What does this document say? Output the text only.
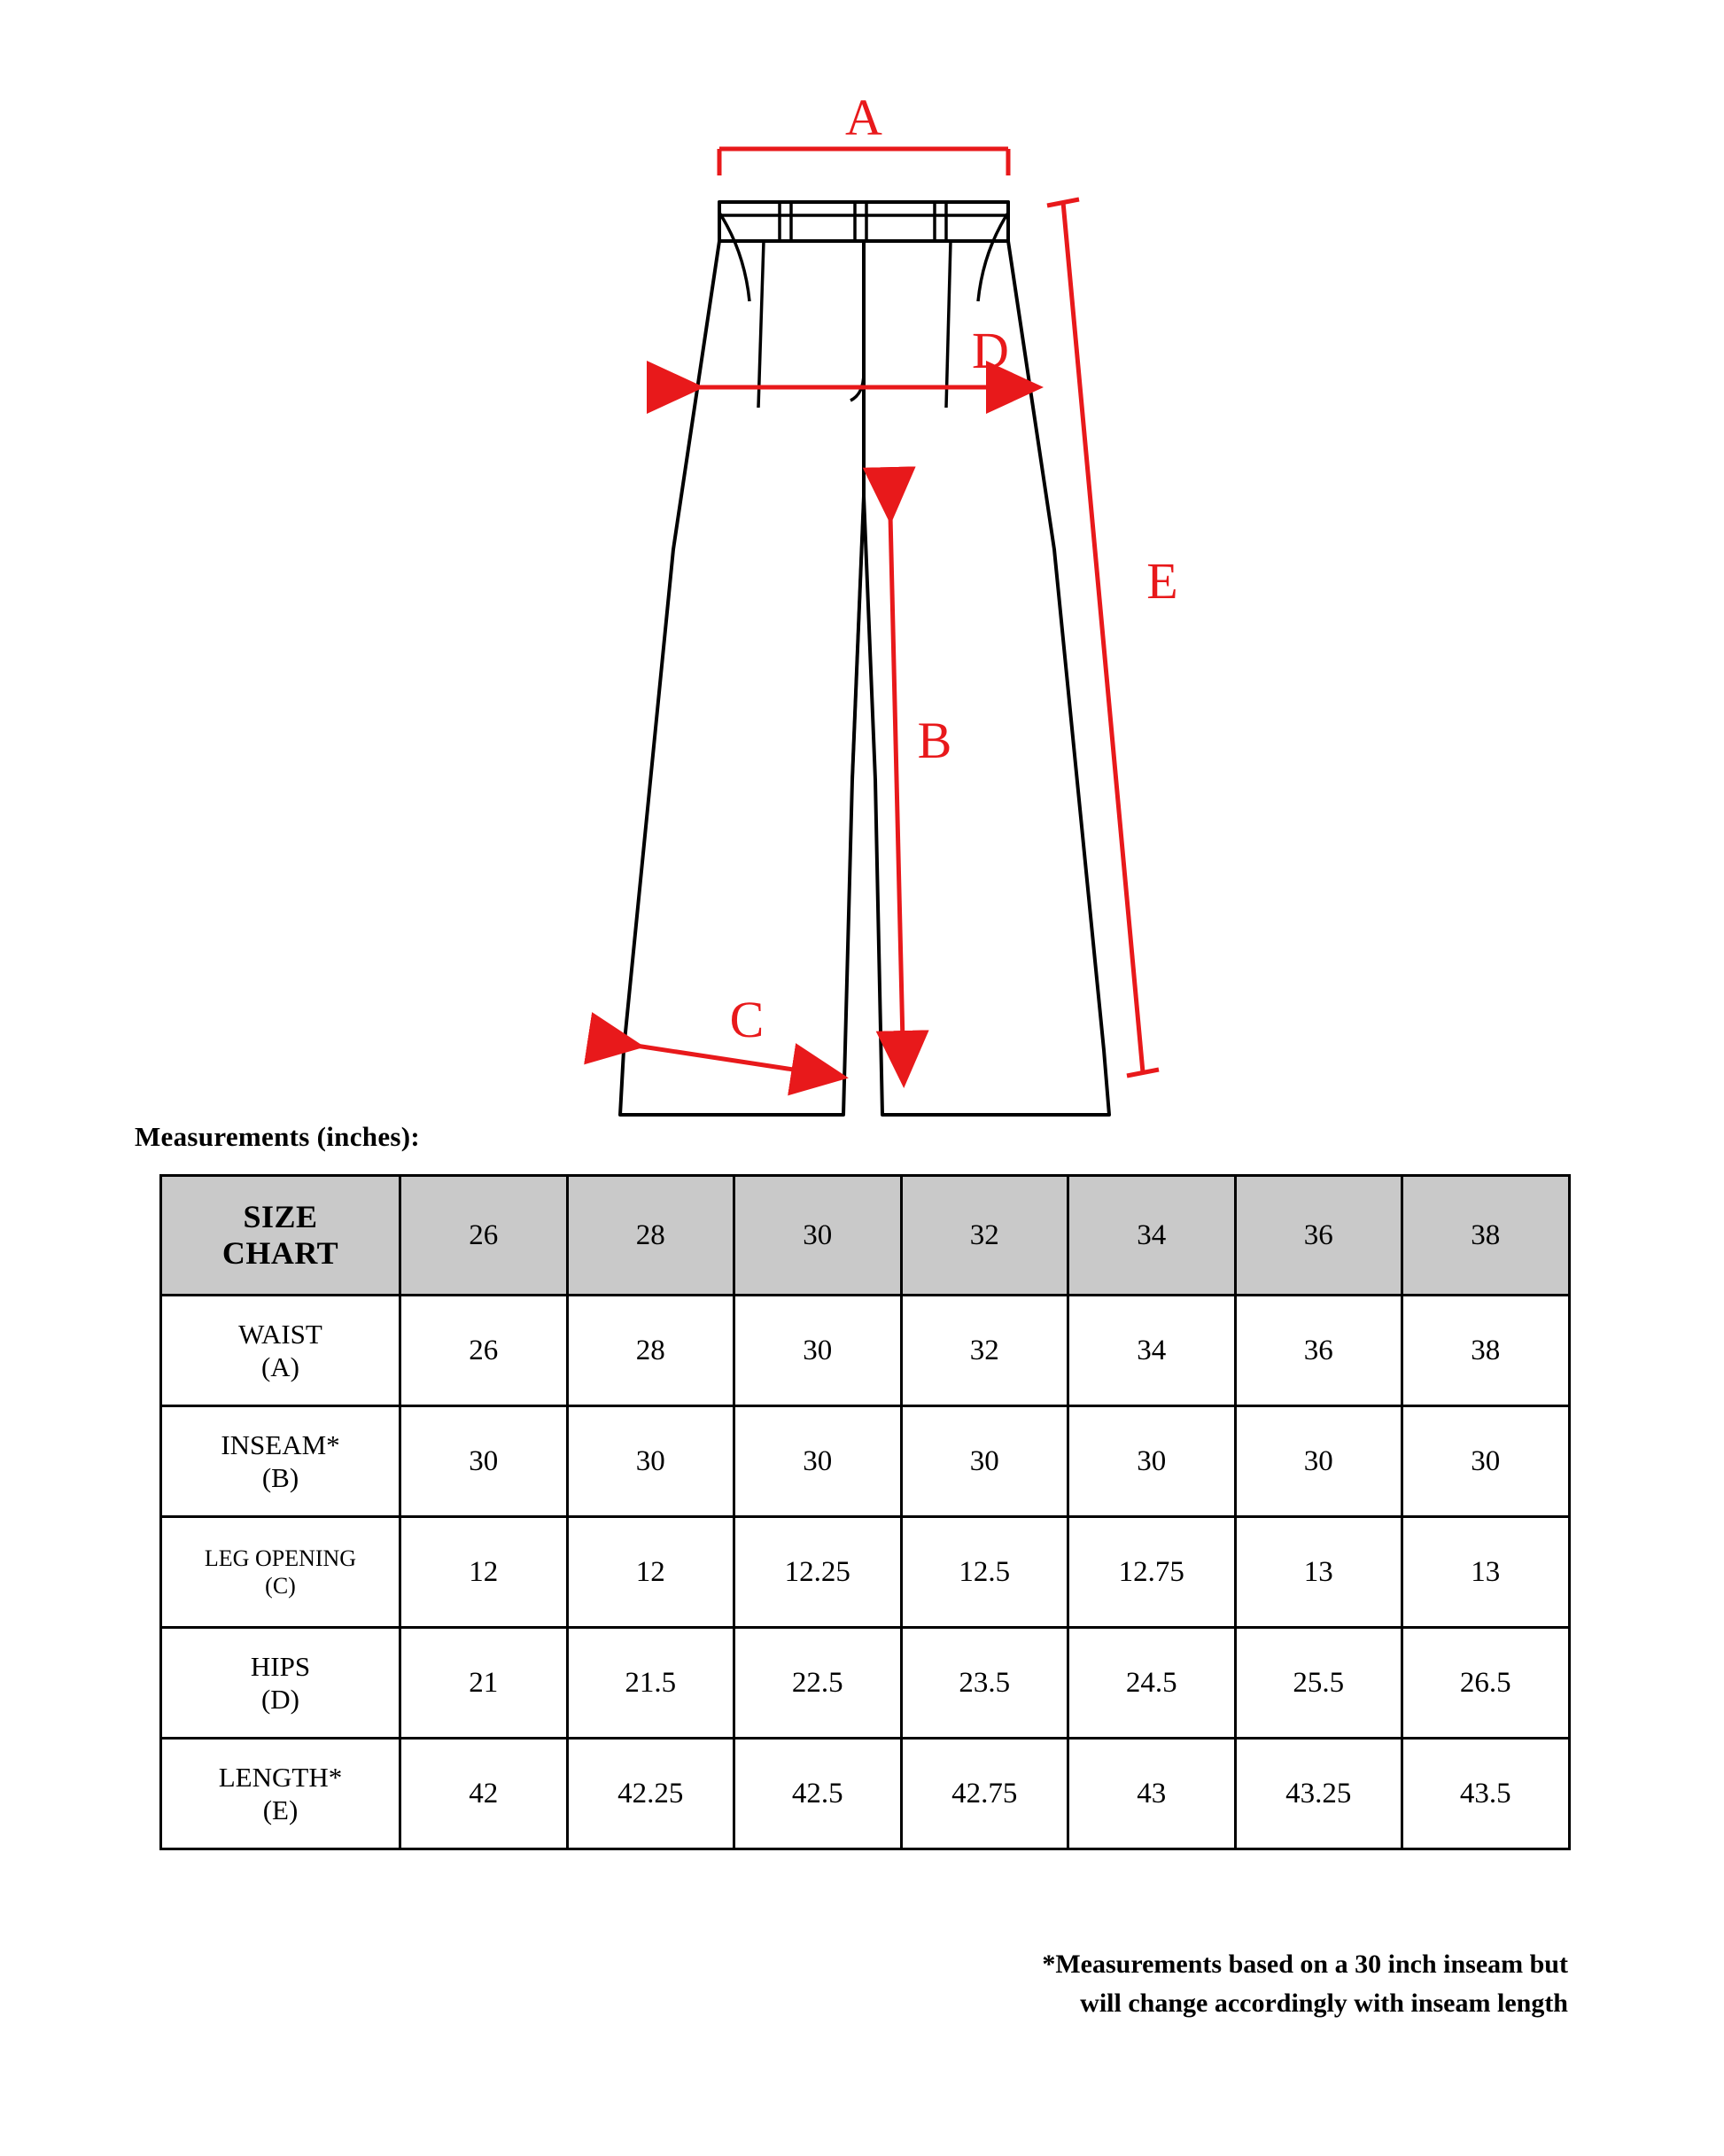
A
D
B
C
E
Measurements (inches):
SIZE
CHART	26	28	30	32	34	36	38

WAIST
(A)	26	28	30	32	34	36	38

INSEAM*
(B)	30	30	30	30	30	30	30

LEG OPENING
(C)	12	12	12.25	12.5	12.75	13	13

HIPS
(D)	21	21.5	22.5	23.5	24.5	25.5	26.5

LENGTH*
(E)	42	42.25	42.5	42.75	43	43.25	43.5
*Measurements based on a 30 inch inseam but
will change accordingly with inseam length
